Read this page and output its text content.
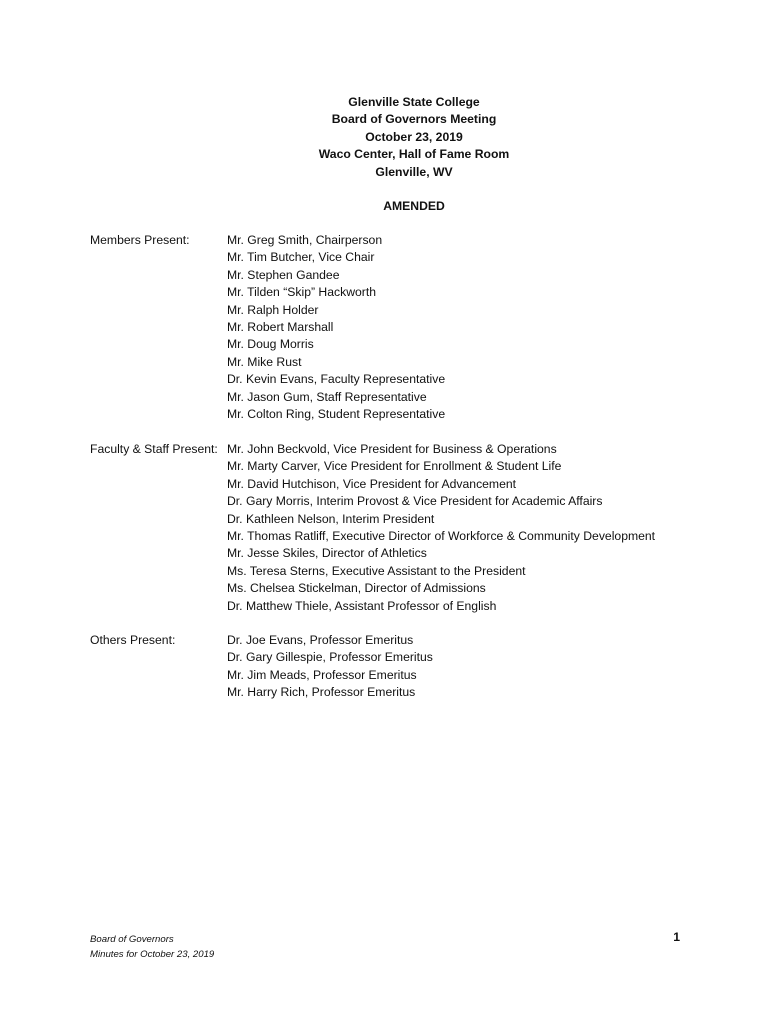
Glenville State College
Board of Governors Meeting
October 23, 2019
Waco Center, Hall of Fame Room
Glenville, WV
AMENDED
Members Present:	Mr. Greg Smith, Chairperson
Mr. Tim Butcher, Vice Chair
Mr. Stephen Gandee
Mr. Tilden “Skip” Hackworth
Mr. Ralph Holder
Mr. Robert Marshall
Mr. Doug Morris
Mr. Mike Rust
Dr. Kevin Evans, Faculty Representative
Mr. Jason Gum, Staff Representative
Mr. Colton Ring, Student Representative
Faculty & Staff Present: Mr. John Beckvold, Vice President for Business & Operations
Mr. Marty Carver, Vice President for Enrollment & Student Life
Mr. David Hutchison, Vice President for Advancement
Dr. Gary Morris, Interim Provost & Vice President for Academic Affairs
Dr. Kathleen Nelson, Interim President
Mr. Thomas Ratliff, Executive Director of Workforce & Community Development
Mr. Jesse Skiles, Director of Athletics
Ms. Teresa Sterns, Executive Assistant to the President
Ms. Chelsea Stickelman, Director of Admissions
Dr. Matthew Thiele, Assistant Professor of English
Others Present:	Dr. Joe Evans, Professor Emeritus
Dr. Gary Gillespie, Professor Emeritus
Mr. Jim Meads, Professor Emeritus
Mr. Harry Rich, Professor Emeritus
Board of Governors
Minutes for October 23, 2019
1
